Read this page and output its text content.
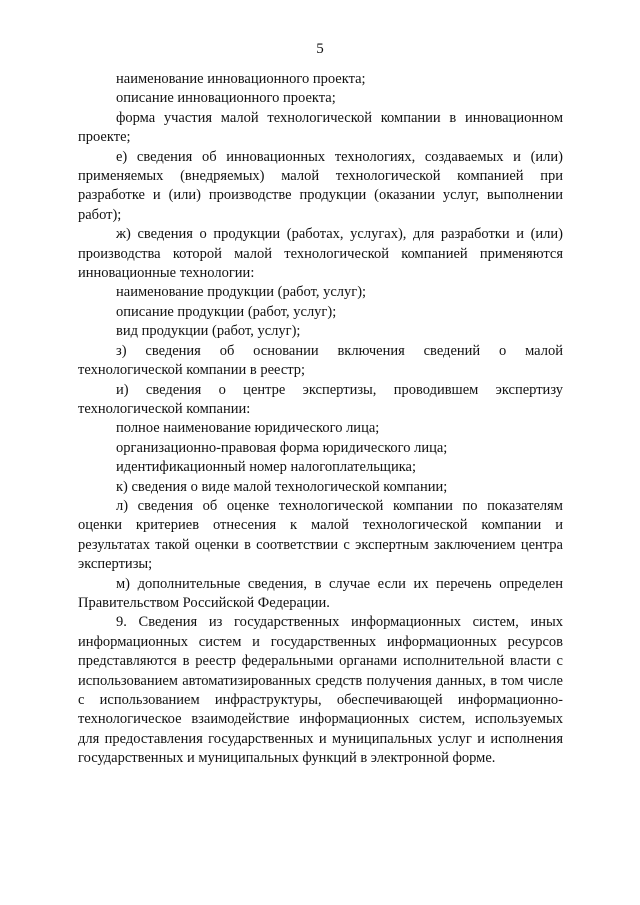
5

наименование инновационного проекта;

описание инновационного проекта;

форма участия малой технологической компании в инновационном проекте;

е) сведения об инновационных технологиях, создаваемых и (или) применяемых (внедряемых) малой технологической компанией при разработке и (или) производстве продукции (оказании услуг, выполнении работ);

ж) сведения о продукции (работах, услугах), для разработки и (или) производства которой малой технологической компанией применяются инновационные технологии:

наименование продукции (работ, услуг);

описание продукции (работ, услуг);

вид продукции (работ, услуг);

з) сведения об основании включения сведений о малой технологической компании в реестр;

и) сведения о центре экспертизы, проводившем экспертизу технологической компании:

полное наименование юридического лица;

организационно-правовая форма юридического лица;

идентификационный номер налогоплательщика;

к) сведения о виде малой технологической компании;

л) сведения об оценке технологической компании по показателям оценки критериев отнесения к малой технологической компании и результатах такой оценки в соответствии с экспертным заключением центра экспертизы;

м) дополнительные сведения, в случае если их перечень определен Правительством Российской Федерации.

9. Сведения из государственных информационных систем, иных информационных систем и государственных информационных ресурсов представляются в реестр федеральными органами исполнительной власти с использованием автоматизированных средств получения данных, в том числе с использованием инфраструктуры, обеспечивающей информационно-технологическое взаимодействие информационных систем, используемых для предоставления государственных и муниципальных услуг и исполнения государственных и муниципальных функций в электронной форме.
